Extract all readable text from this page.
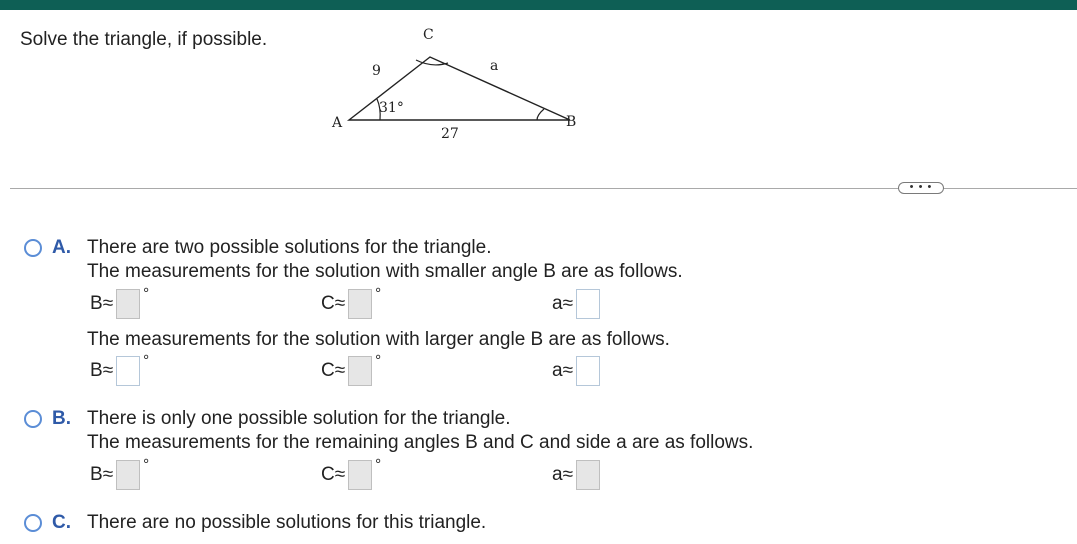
Solve the triangle, if possible.
A	B
C
9
27
a
31°
• • •
A. There are two possible solutions for the triangle.
The measurements for the solution with smaller angle B are as follows.
B≈ °	C≈ °	a≈
The measurements for the solution with larger angle B are as follows.
B≈ °	C≈ °	a≈
B. There is only one possible solution for the triangle.
The measurements for the remaining angles B and C and side a are as follows.
B≈ °	C≈ °	a≈
C. There are no possible solutions for this triangle.
